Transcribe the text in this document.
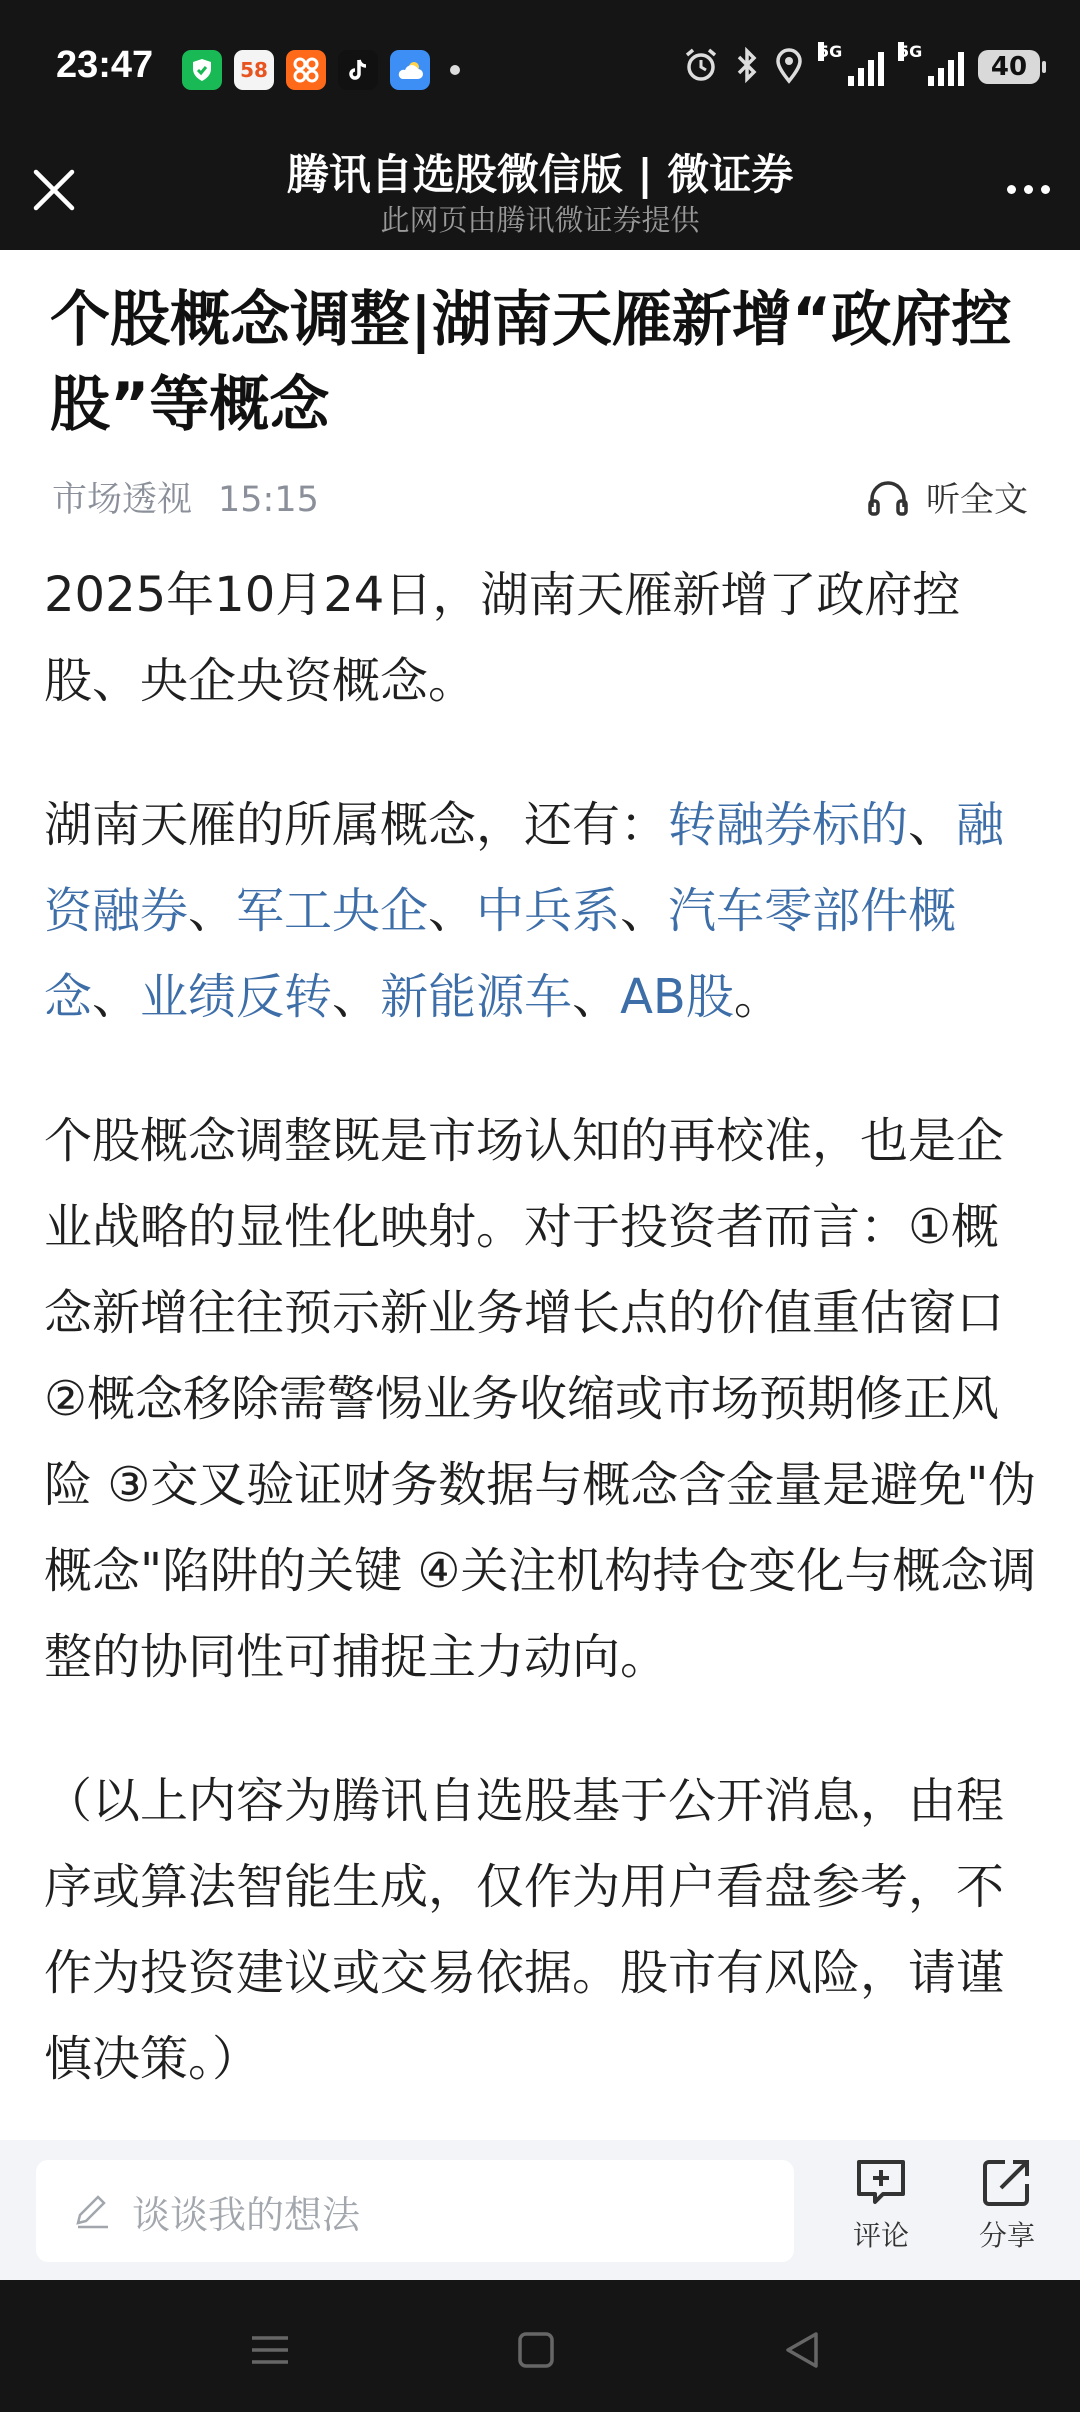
23:47	58
5G	5G
40
腾讯自选股微信版 | 微证券
此网页由腾讯微证券提供
个股概念调整|湖南天雁新增“政府控股”等概念
市场透视 15:15	听全文

2025年10月24日，湖南天雁新增了政府控股、央企央资概念。

湖南天雁的所属概念，还有：转融券标的、融资融券、军工央企、中兵系、汽车零部件概念、业绩反转、新能源车、AB股。

个股概念调整既是市场认知的再校准，也是企业战略的显性化映射。对于投资者而言：①概念新增往往预示新业务增长点的价值重估窗口 ②概念移除需警惕业务收缩或市场预期修正风险 ③交叉验证财务数据与概念含金量是避免"伪概念"陷阱的关键 ④关注机构持仓变化与概念调整的协同性可捕捉主力动向。

（以上内容为腾讯自选股基于公开消息，由程序或算法智能生成，仅作为用户看盘参考，不作为投资建议或交易依据。股市有风险，请谨慎决策。）

谈谈我的想法	评论	分享
